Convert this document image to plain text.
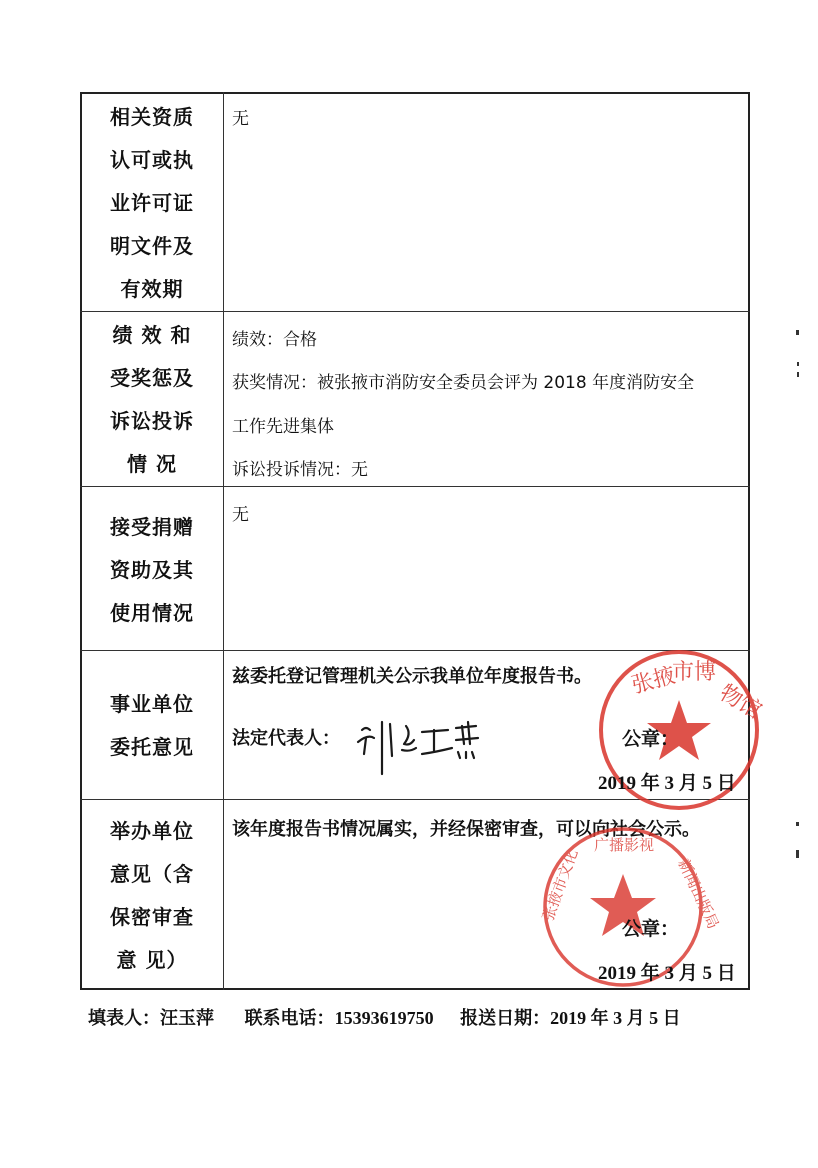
相关资质
认可或执
业许可证
明文件及
有效期
无
绩 效 和
受奖惩及
诉讼投诉
情 况
绩效：合格
获奖情况：被张掖市消防安全委员会评为 2018 年度消防安全
工作先进集体
诉讼投诉情况：无
接受捐赠
资助及其
使用情况
无
事业单位
委托意见
兹委托登记管理机关公示我单位年度报告书。
法定代表人：
刘红燕
张掖
市博
物馆
公章：
2019 年 3 月 5 日
举办单位
意见（含
保密审查
意 见）
该年度报告书情况属实，并经保密审查，可以向社会公示。
张掖市文化
广播影视
新闻出版局
公章：
2019 年 3 月 5 日
填表人：汪玉萍 联系电话：15393619750 报送日期：2019 年 3 月 5 日
